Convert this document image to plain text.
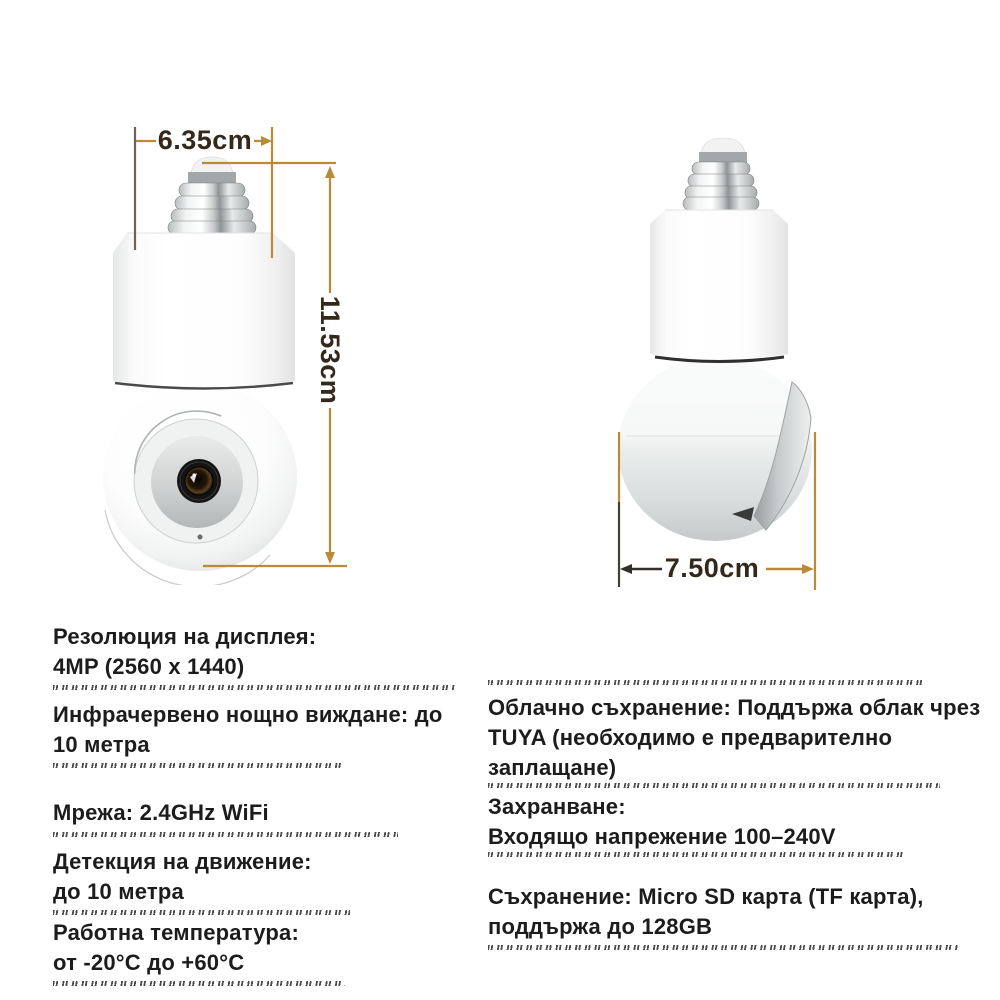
6.35cm
11.53cm
7.50cm
Резолюция на дисплея:
4MP (2560 x 1440)
Инфрачервено нощно виждане: до
10 метра
Мрежа: 2.4GHz WiFi
Детекция на движение:
до 10 метра
Работна температура:
от -20°C до +60°C
Облачно съхранение: Поддържа облак чрез
TUYA (необходимо е предварително
заплащане)
Захранване:
Входящо напрежение 100–240V
Съхранение: Micro SD карта (TF карта),
поддържа до 128GB
